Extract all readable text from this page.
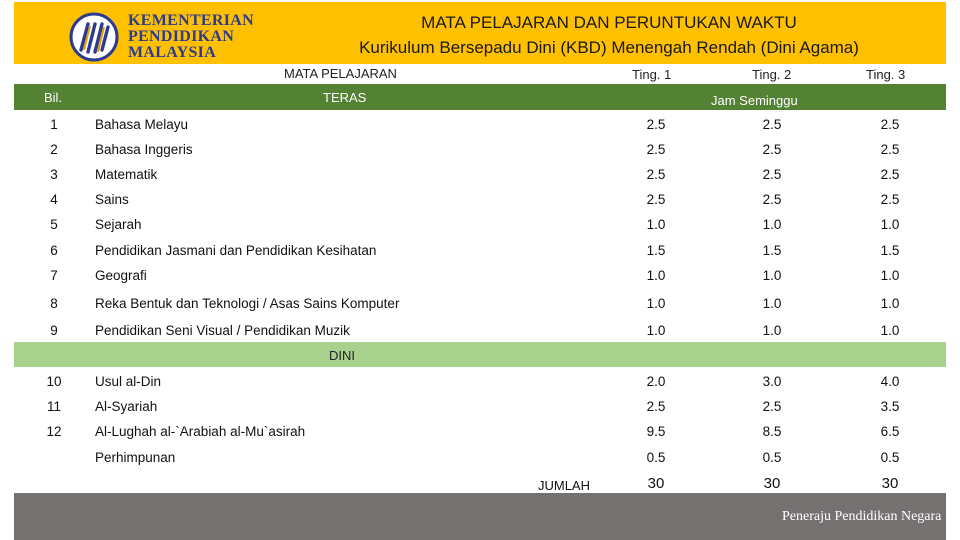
KEMENTERIAN
PENDIDIKAN
MALAYSIA
MATA PELAJARAN DAN PERUNTUKAN WAKTU
Kurikulum Bersepadu Dini (KBD) Menengah Rendah (Dini Agama)
MATA PELAJARAN	Ting. 1	Ting. 2	Ting. 3
Bil.	TERAS	Jam Seminggu
1	Bahasa Melayu	2.5	2.5	2.5
2	Bahasa Inggeris	2.5	2.5	2.5
3	Matematik	2.5	2.5	2.5
4	Sains	2.5	2.5	2.5
5	Sejarah	1.0	1.0	1.0
6	Pendidikan Jasmani dan Pendidikan Kesihatan	1.5	1.5	1.5
7	Geografi	1.0	1.0	1.0
8	Reka Bentuk dan Teknologi / Asas Sains Komputer	1.0	1.0	1.0
9	Pendidikan Seni Visual / Pendidikan Muzik	1.0	1.0	1.0
DINI
10 Usul al-Din	2.0	3.0	4.0
11	Al-Syariah	2.5	2.5	3.5
12 Al-Lughah al-`Arabiah al-Mu`asirah	9.5	8.5	6.5
Perhimpunan	0.5	0.5	0.5
JUMLAH	30	30	30
Peneraju Pendidikan Negara
